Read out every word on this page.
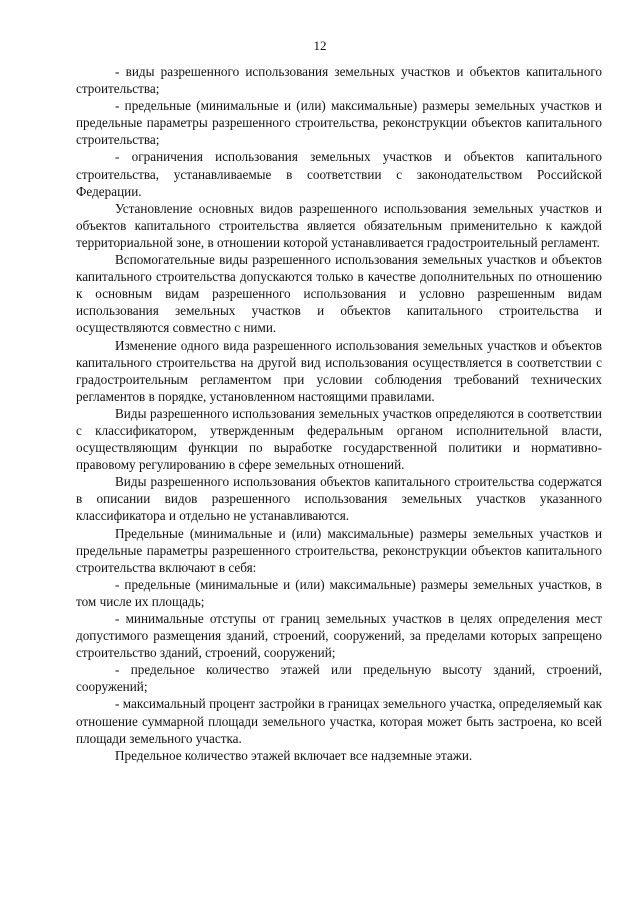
12

- виды разрешенного использования земельных участков и объектов капитального строительства;

- предельные (минимальные и (или) максимальные) размеры земельных участков и предельные параметры разрешенного строительства, реконструкции объектов капитального строительства;

- ограничения использования земельных участков и объектов капитального строительства, устанавливаемые в соответствии с законодательством Российской Федерации.

Установление основных видов разрешенного использования земельных участков и объектов капитального строительства является обязательным применительно к каждой территориальной зоне, в отношении которой устанавливается градостроительный регламент.

Вспомогательные виды разрешенного использования земельных участков и объектов капитального строительства допускаются только в качестве дополнительных по отношению к основным видам разрешенного использования и условно разрешенным видам использования земельных участков и объектов капитального строительства и осуществляются совместно с ними.

Изменение одного вида разрешенного использования земельных участков и объектов капитального строительства на другой вид использования осуществляется в соответствии с градостроительным регламентом при условии соблюдения требований технических регламентов в порядке, установленном настоящими правилами.

Виды разрешенного использования земельных участков определяются в соответствии с классификатором, утвержденным федеральным органом исполнительной власти, осуществляющим функции по выработке государственной политики и нормативно-правовому регулированию в сфере земельных отношений.

Виды разрешенного использования объектов капитального строительства содержатся в описании видов разрешенного использования земельных участков указанного классификатора и отдельно не устанавливаются.

Предельные (минимальные и (или) максимальные) размеры земельных участков и предельные параметры разрешенного строительства, реконструкции объектов капитального строительства включают в себя:

- предельные (минимальные и (или) максимальные) размеры земельных участков, в том числе их площадь;

- минимальные отступы от границ земельных участков в целях определения мест допустимого размещения зданий, строений, сооружений, за пределами которых запрещено строительство зданий, строений, сооружений;

- предельное количество этажей или предельную высоту зданий, строений, сооружений;

- максимальный процент застройки в границах земельного участка, определяемый как отношение суммарной площади земельного участка, которая может быть застроена, ко всей площади земельного участка.

Предельное количество этажей включает все надземные этажи.
